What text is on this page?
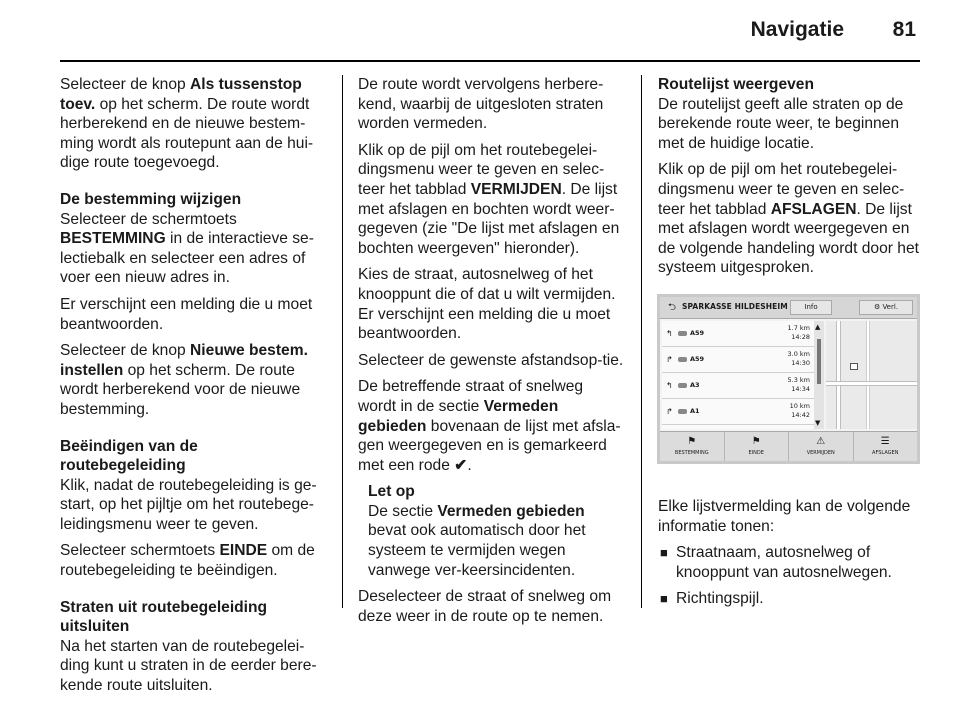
Navigatie 81

Selecteer de knop Als tussenstop toev. op het scherm. De route wordt herberekend en de nieuwe bestem-ming wordt als routepunt aan de hui-dige route toegevoegd.

De bestemming wijzigen
Selecteer de schermtoets BESTEMMING in de interactieve se-lectiebalk en selecteer een adres of voer een nieuw adres in.

Er verschijnt een melding die u moet beantwoorden.

Selecteer de knop Nieuwe bestem. instellen op het scherm. De route wordt herberekend voor de nieuwe bestemming.

Beëindigen van de routebegeleiding
Klik, nadat de routebegeleiding is ge-start, op het pijltje om het routebege-leidingsmenu weer te geven.

Selecteer schermtoets EINDE om de routebegeleiding te beëindigen.

Straten uit routebegeleiding uitsluiten
Na het starten van de routebegelei-ding kunt u straten in de eerder bere-kende route uitsluiten.

De route wordt vervolgens herbere-kend, waarbij de uitgesloten straten worden vermeden.

Klik op de pijl om het routebegelei-dingsmenu weer te geven en selec-teer het tabblad VERMIJDEN. De lijst met afslagen en bochten wordt weer-gegeven (zie "De lijst met afslagen en bochten weergeven" hieronder).

Kies de straat, autosnelweg of het knooppunt die of dat u wilt vermijden. Er verschijnt een melding die u moet beantwoorden.

Selecteer de gewenste afstandsop-tie.

De betreffende straat of snelweg wordt in de sectie Vermeden gebieden bovenaan de lijst met afsla-gen weergegeven en is gemarkeerd met een rode ✔.

Let op
De sectie Vermeden gebieden bevat ook automatisch door het systeem te vermijden wegen vanwege ver-keersincidenten.

Deselecteer de straat of snelweg om deze weer in de route op te nemen.

Routelijst weergeven
De routelijst geeft alle straten op de berekende route weer, te beginnen met de huidige locatie.

Klik op de pijl om het routebegelei-dingsmenu weer te geven en selec-teer het tabblad AFSLAGEN. De lijst met afslagen wordt weergegeven en de volgende handeling wordt door het systeem uitgesproken.

Elke lijstvermelding kan de volgende informatie tonen:

■ Straatnaam, autosnelweg of knooppunt van autosnelwegen.
■ Richtingspijl.
⮌ SPARKASSE HILDESHEIM	Info	⚙ Verl.
↰	A59
1.7 km
14:28
↱	A59
3.0 km
14:30
↰	A3
5.3 km
14:34
↱	A1
10 km
14:42
▲
▼
⚑
BESTEMMING
⚑
EINDE
⚠
VERMIJDEN
☰
AFSLAGEN
